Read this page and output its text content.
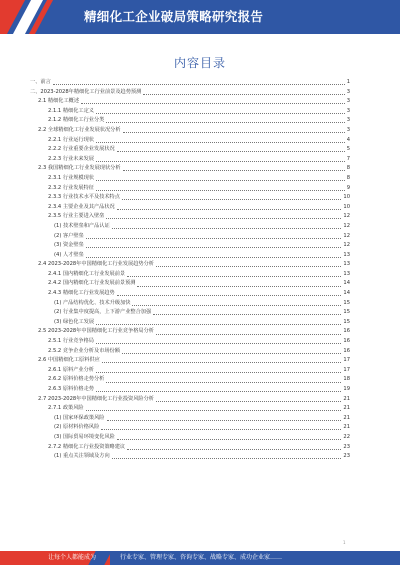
精细化工企业破局策略研究报告
内容目录
一、前言	1
二、2023-2028年精细化工行业前景及趋势预测	3
2.1 精细化工概述	3
2.1.1 精细化工定义	3
2.1.2 精细化工行业分类	3
2.2 全球精细化工行业发展状况分析	3
2.2.1 行业运行现状	4
2.2.2 行业重要企业发展状况	5
2.2.3 行业未来发展	7
2.3 我国精细化工行业发展现状分析	8
2.3.1 行业规模现状	8
2.3.2 行业发展特征	9
2.3.3 行业技术水平及技术特点	10
2.3.4 主要企业及其产品状况	10
2.3.5 行业主要进入壁垒	12
(1) 技术壁垒和产品认证	12
(2) 客户壁垒	12
(3) 资金壁垒	12
(4) 人才壁垒	13
2.4 2023-2028年中国精细化工行业发展趋势分析	13
2.4.1 国内精细化工行业发展前景	13
2.4.2 国内精细化工行业发展前景预测	14
2.4.3 精细化工行业发展趋势	14
(1) 产品结构优化、技术升级加快	15
(2) 行业集中度提高，上下游产业整合加强	15
(3) 绿色化工发展	15
2.5 2023-2028年中国精细化工行业竞争格局分析	16
2.5.1 行业竞争格局	16
2.5.2 竞争企业分析及市场份额	16
2.6 中国精细化工原料供应	17
2.6.1 原料产业分析	17
2.6.2 原料价格走势分析	18
2.6.3 原料价格走势	19
2.7 2023-2028年中国精细化工行业投资风险分析	21
2.7.1 政策风险	21
(1) 国家环保政策风险	21
(2) 原材料价格风险	21
(3) 国际贸易环境变化风险	22
2.7.2 精细化工行业投资策略建议	23
(1) 重点关注领域及方向	23
1
让每个人都能成为	行业专家、管理专家、咨询专家、战略专家、成功企业家……
